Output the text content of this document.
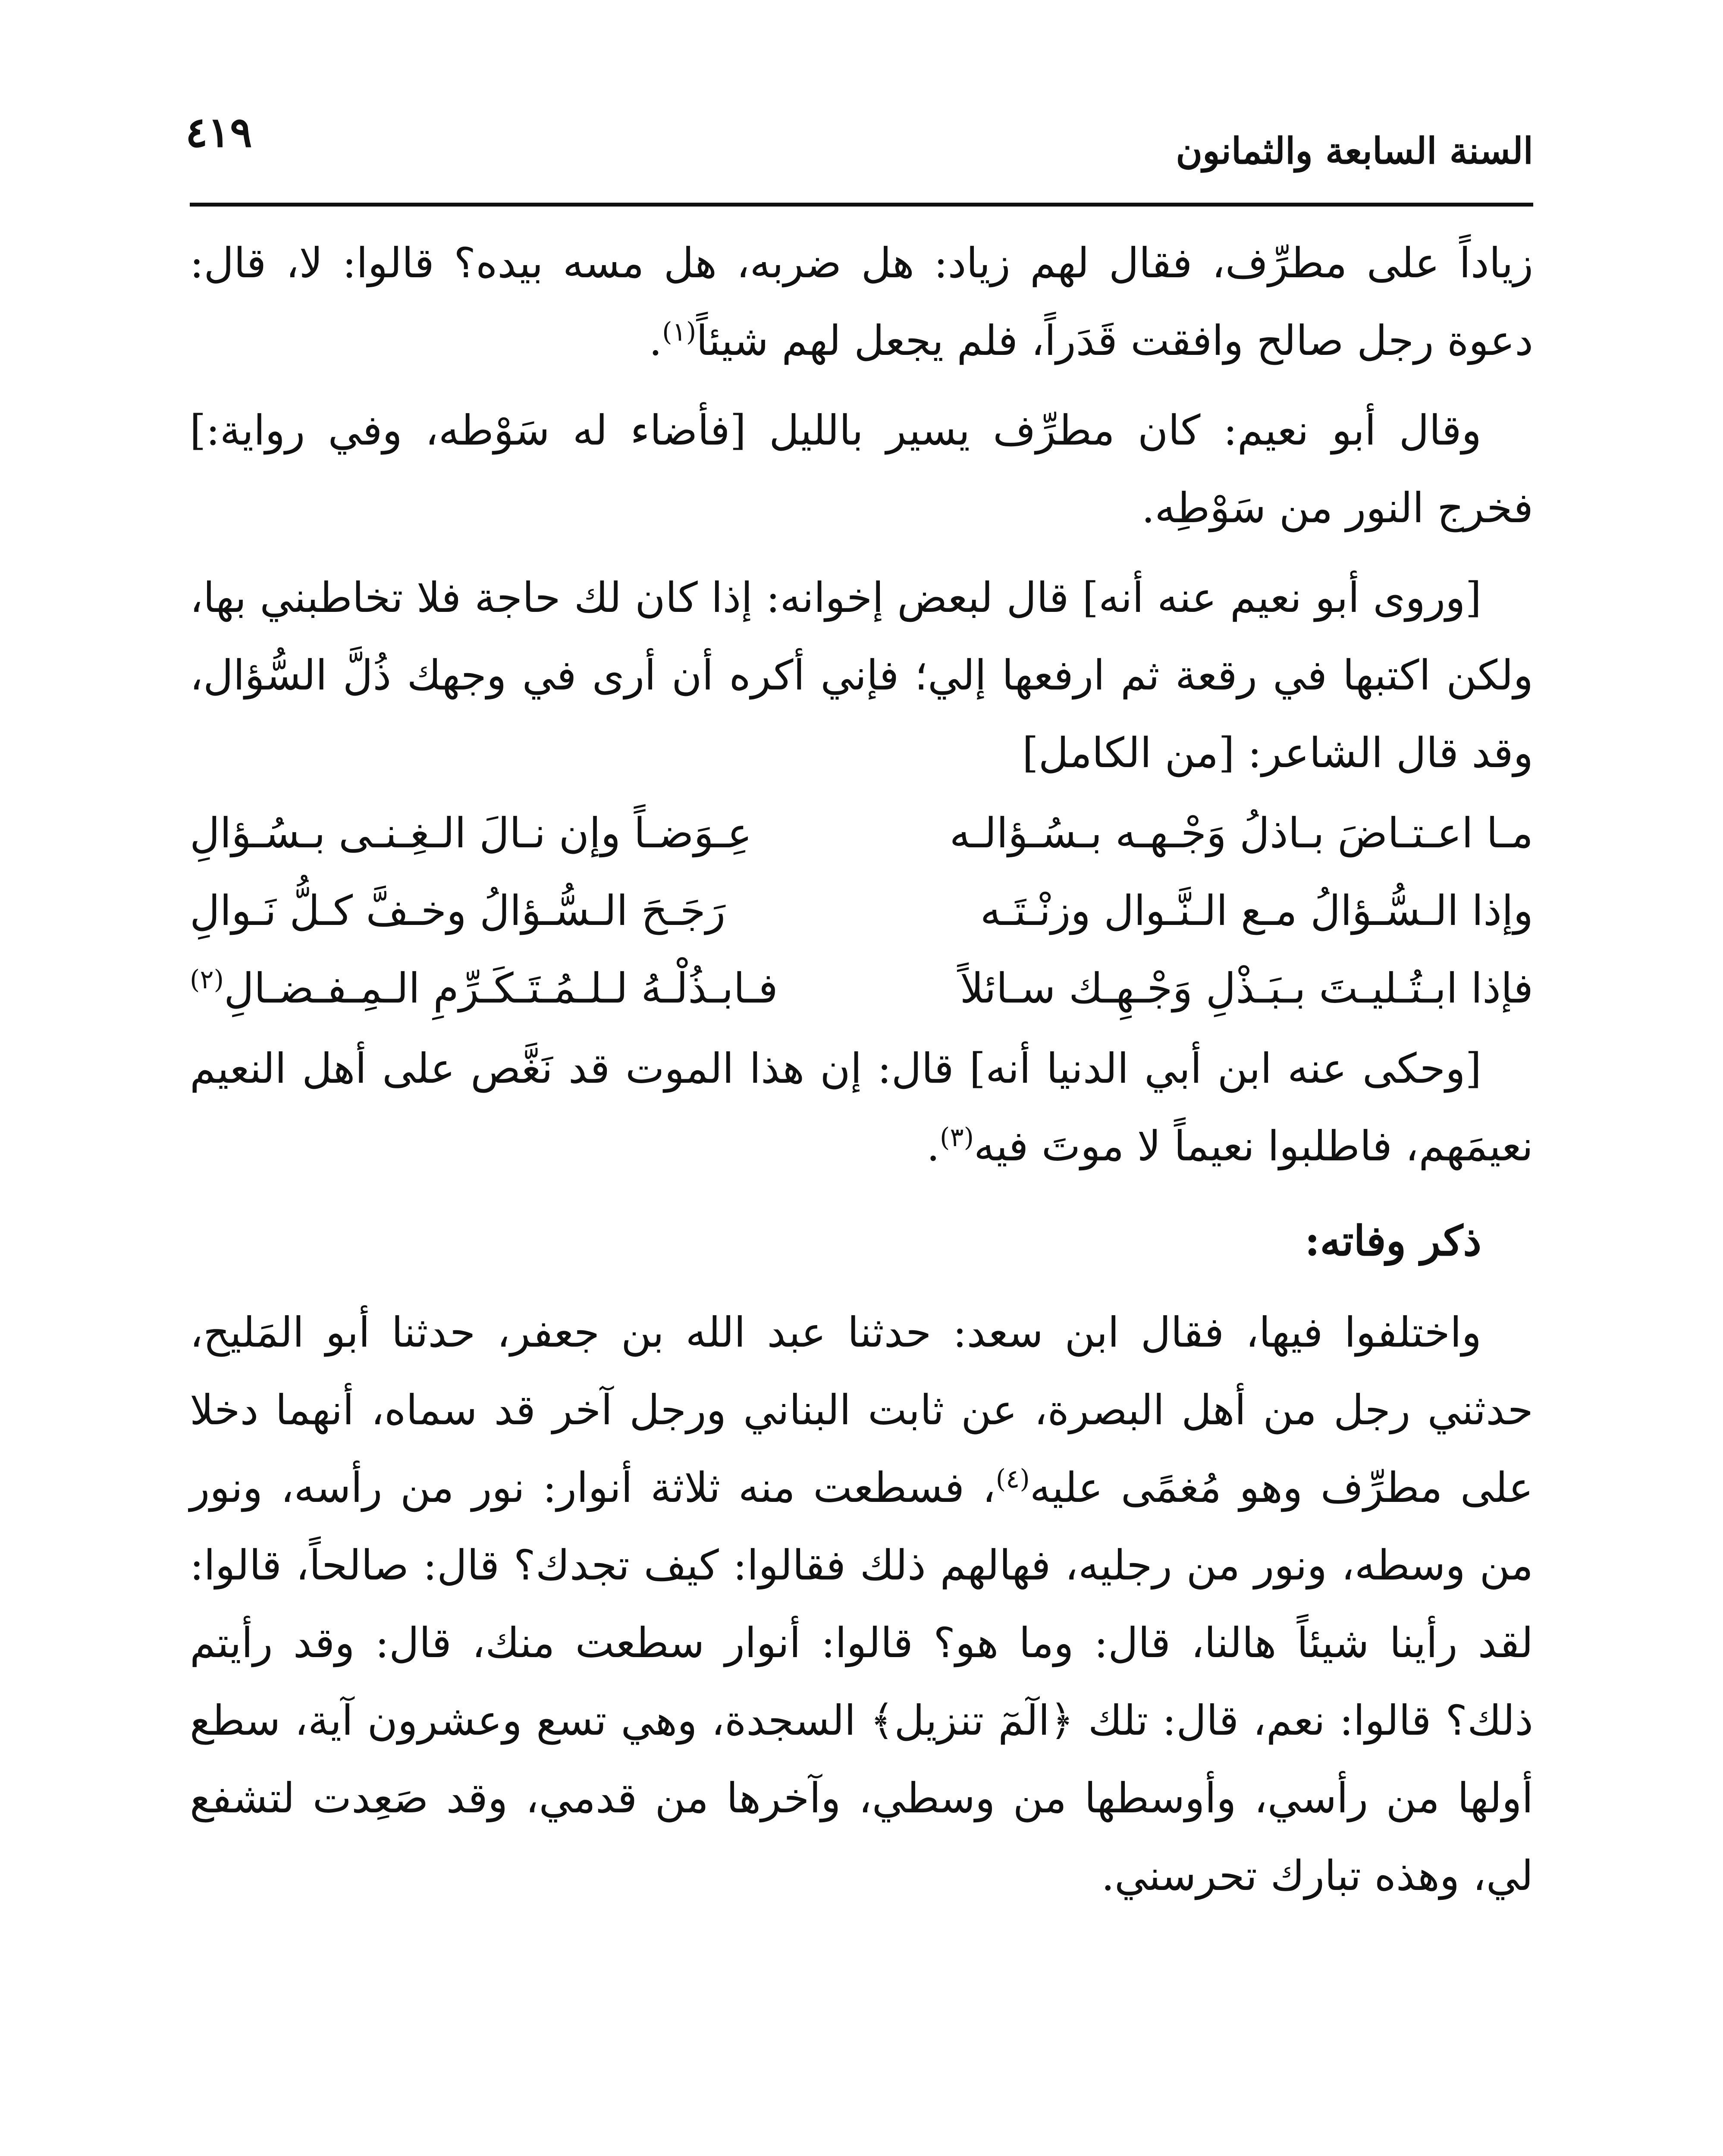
٤١٩	السنة السابعة والثمانون

زياداً على مطرِّف، فقال لهم زياد: هل ضربه، هل مسه بيده؟ قالوا: لا، قال: دعوة رجل صالح وافقت قَدَراً، فلم يجعل لهم شيئاً$^{(١)}$.

وقال أبو نعيم: كان مطرِّف يسير بالليل [فأضاء له سَوْطه، وفي رواية:] فخرج النور من سَوْطِه.

[وروى أبو نعيم عنه أنه] قال لبعض إخوانه: إذا كان لك حاجة فلا تخاطبني بها، ولكن اكتبها في رقعة ثم ارفعها إلي؛ فإني أكره أن أرى في وجهك ذُلَّ السُّؤال، وقد قال الشاعر: [من الكامل]

مـا اعـتـاضَ بـاذلُ وَجْـهـه بـسُـؤالـه
عِـوَضـاً وإن نـالَ الـغِـنـى بـسُـؤالِ
وإذا الـسُّـؤالُ مـع الـنَّـوال وزنْـتَـه
رَجَـحَ الـسُّـؤالُ وخـفَّ كـلُّ نَـوالِ
فإذا ابـتُـليـتَ بـبَـذْلِ وَجْـهِـك سـائلاً
فـابـذُلْـهُ لـلـمُـتَـكَـرِّمِ الـمِـفـضـالِ$^{(٢)}$

[وحكى عنه ابن أبي الدنيا أنه] قال: إن هذا الموت قد نَغَّص على أهل النعيم نعيمَهم، فاطلبوا نعيماً لا موتَ فيه$^{(٣)}$.

ذكر وفاته:

واختلفوا فيها، فقال ابن سعد: حدثنا عبد الله بن جعفر، حدثنا أبو المَليح، حدثني رجل من أهل البصرة، عن ثابت البناني ورجل آخر قد سماه، أنهما دخلا على مطرِّف وهو مُغمًى عليه$^{(٤)}$، فسطعت منه ثلاثة أنوار: نور من رأسه، ونور من وسطه، ونور من رجليه، فهالهم ذلك فقالوا: كيف تجدك؟ قال: صالحاً، قالوا: لقد رأينا شيئاً هالنا، قال: وما هو؟ قالوا: أنوار سطعت منك، قال: وقد رأيتم ذلك؟ قالوا: نعم، قال: تلك ﴿الٓمٓ تنزيل﴾ السجدة، وهي تسع وعشرون آية، سطع أولها من رأسي، وأوسطها من وسطي، وآخرها من قدمي، وقد صَعِدت لتشفع لي، وهذه تبارك تحرسني.
